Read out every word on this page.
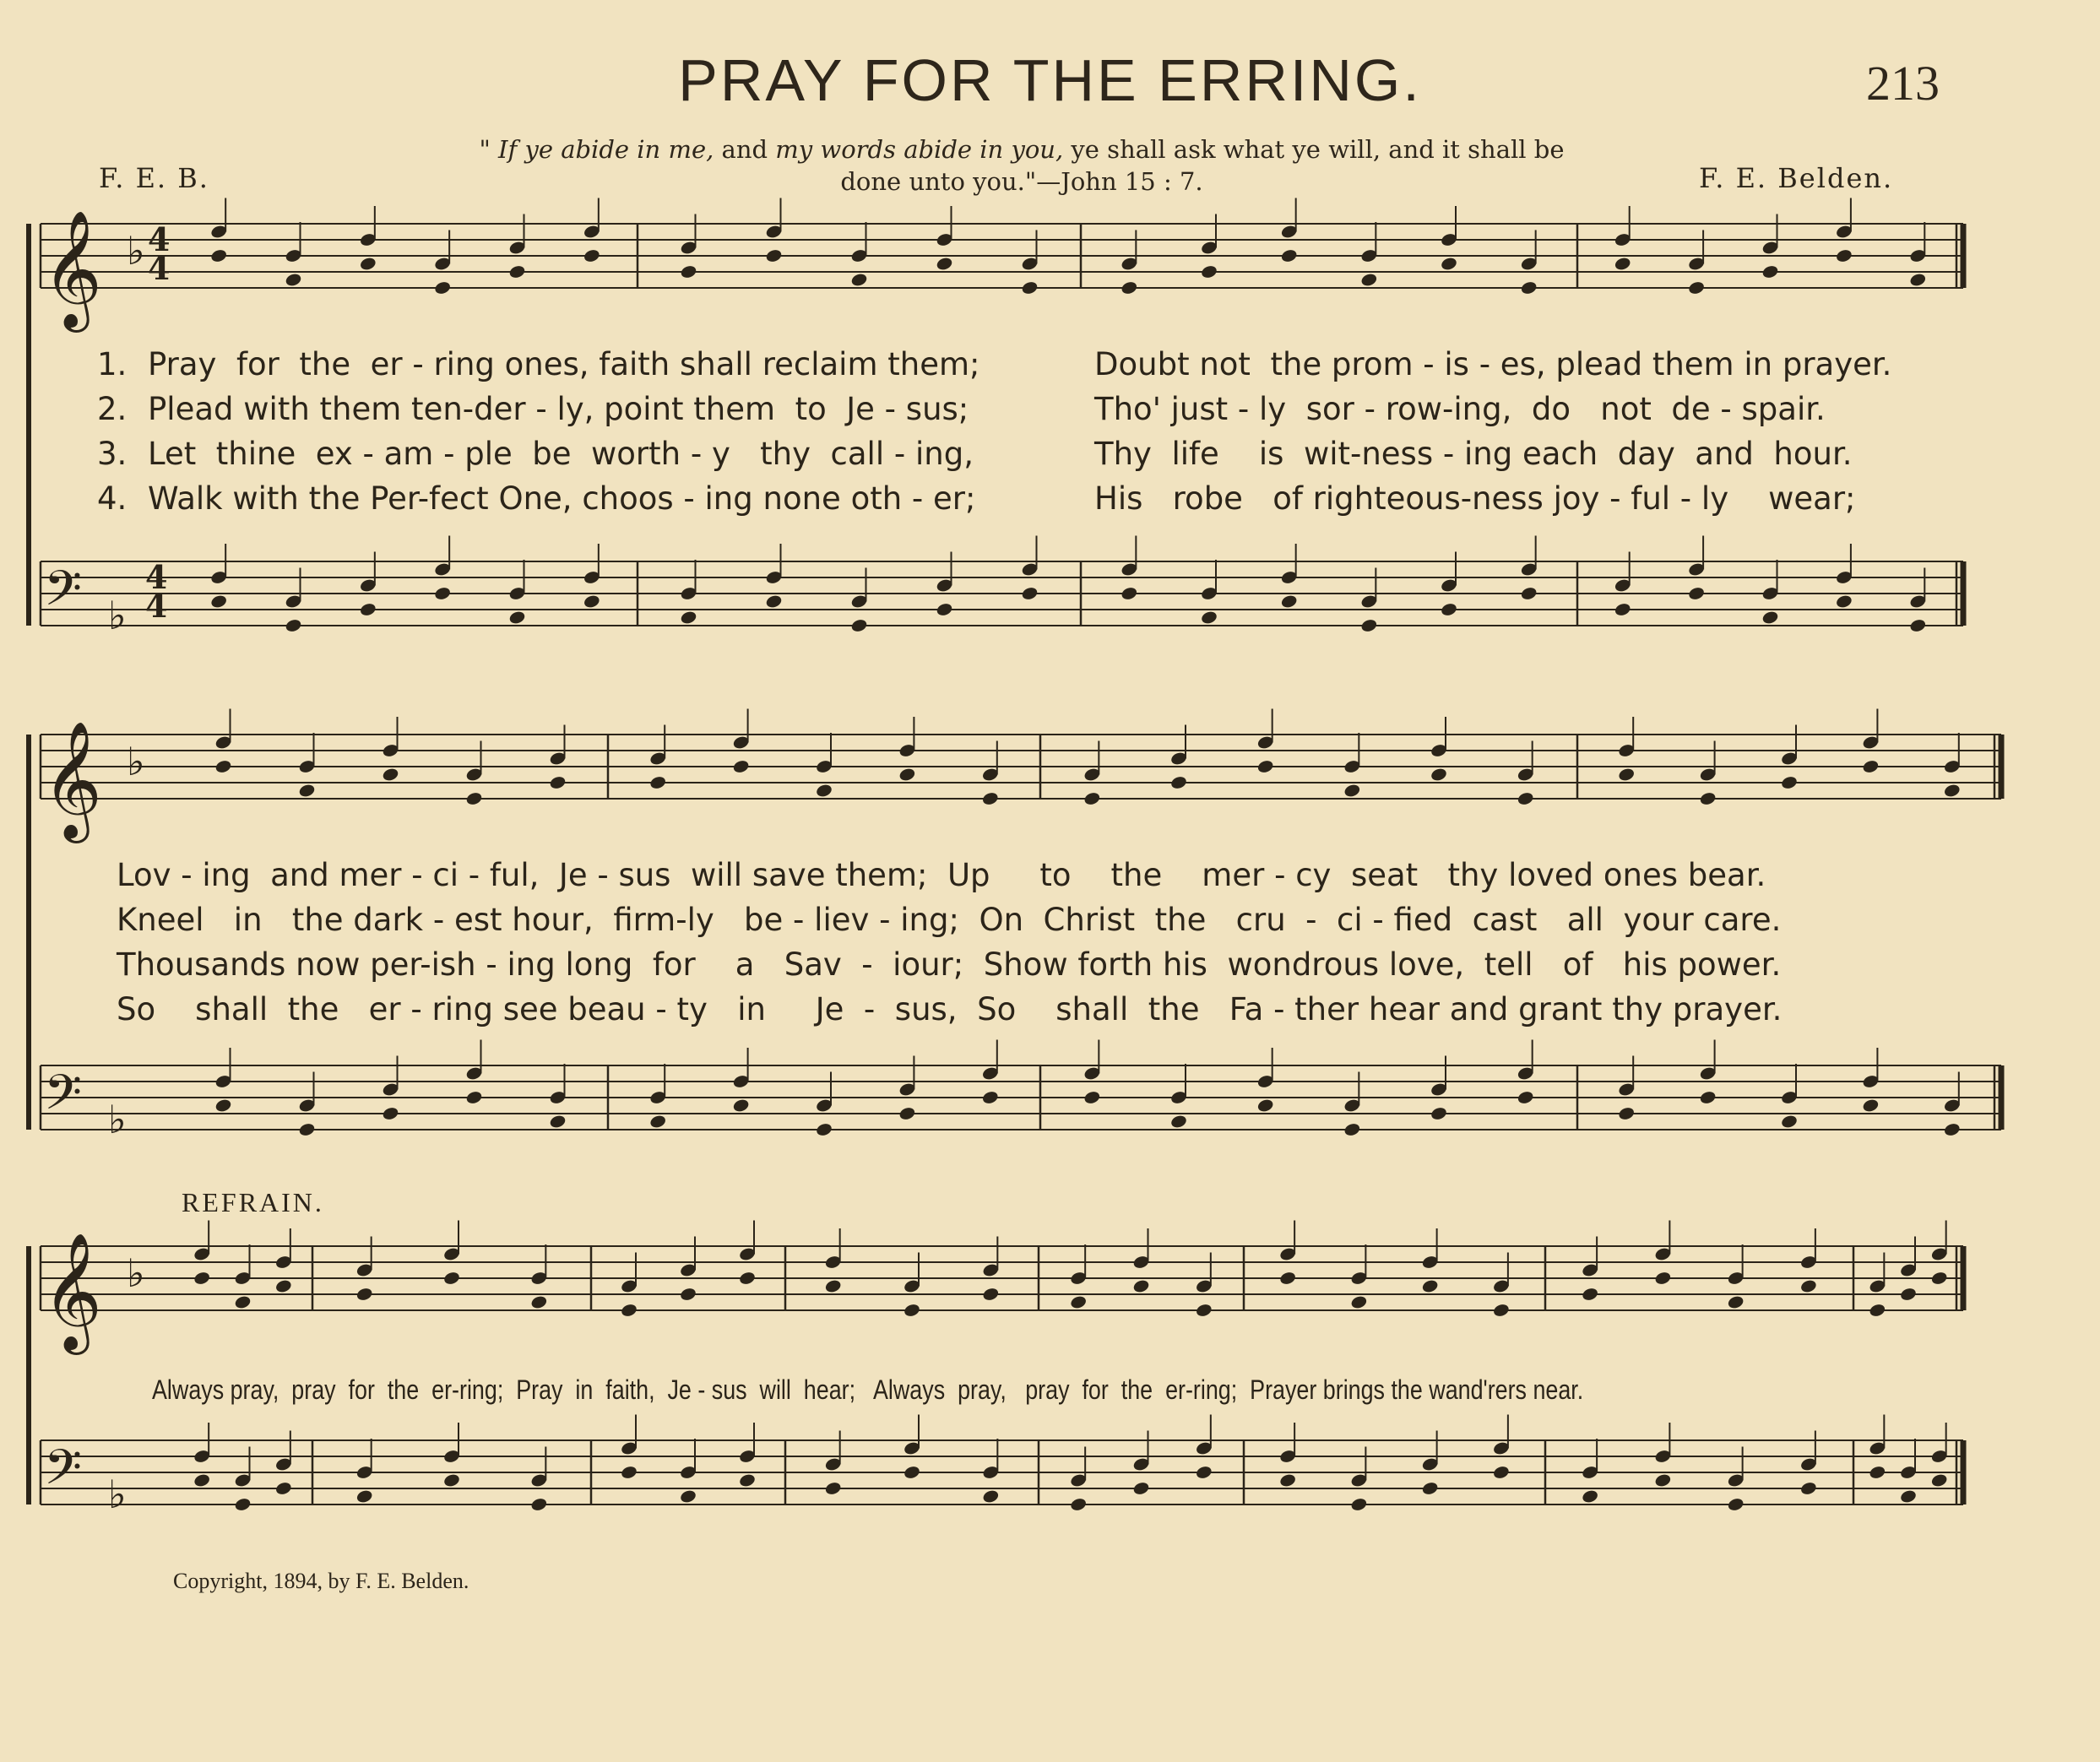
PRAY FOR THE ERRING.	213
" If ye abide in me, and my words abide in you, ye shall ask what ye will, and it shall be
done unto you."—John 15 : 7.
F. E. B.	F. E. Belden.
𝄞
𝄢
♭
♭
4
4
4
4
𝄞
𝄢
♭
♭
𝄞
𝄢
♭
♭

1.

Pray  for  the  er - ring ones, faith shall reclaim them;

	Doubt not  the prom - is - es, plead them in prayer.

2.

Plead with them ten-der - ly, point them  to  Je - sus;

	Tho' just - ly  sor - row-ing,  do   not  de - spair.

3.

Let  thine  ex - am - ple  be  worth - y   thy  call - ing,

	Thy  life    is  wit-ness - ing each  day  and  hour.

4.

Walk with the Per-fect One, choos - ing none oth - er;

	His   robe   of righteous-ness joy - ful - ly    wear;

Lov - ing  and mer - ci - ful,  Je - sus  will save them;  Up     to    the    mer - cy  seat   thy loved ones bear.

Kneel   in   the dark - est hour,  firm-ly   be - liev - ing;  On  Christ  the   cru  -  ci - fied  cast   all  your care.

Thousands now per-ish - ing long  for    a   Sav  -  iour;  Show forth his  wondrous love,  tell   of   his power.

So    shall  the   er - ring see beau - ty   in     Je  -  sus,  So    shall  the   Fa - ther hear and grant thy prayer.

REFRAIN.
Always pray,  pray  for  the  er-ring;  Pray  in  faith,  Je - sus  will  hear;   Always  pray,   pray  for  the  er-ring;  Prayer brings the wand'rers near.
Copyright, 1894, by F. E. Belden.
